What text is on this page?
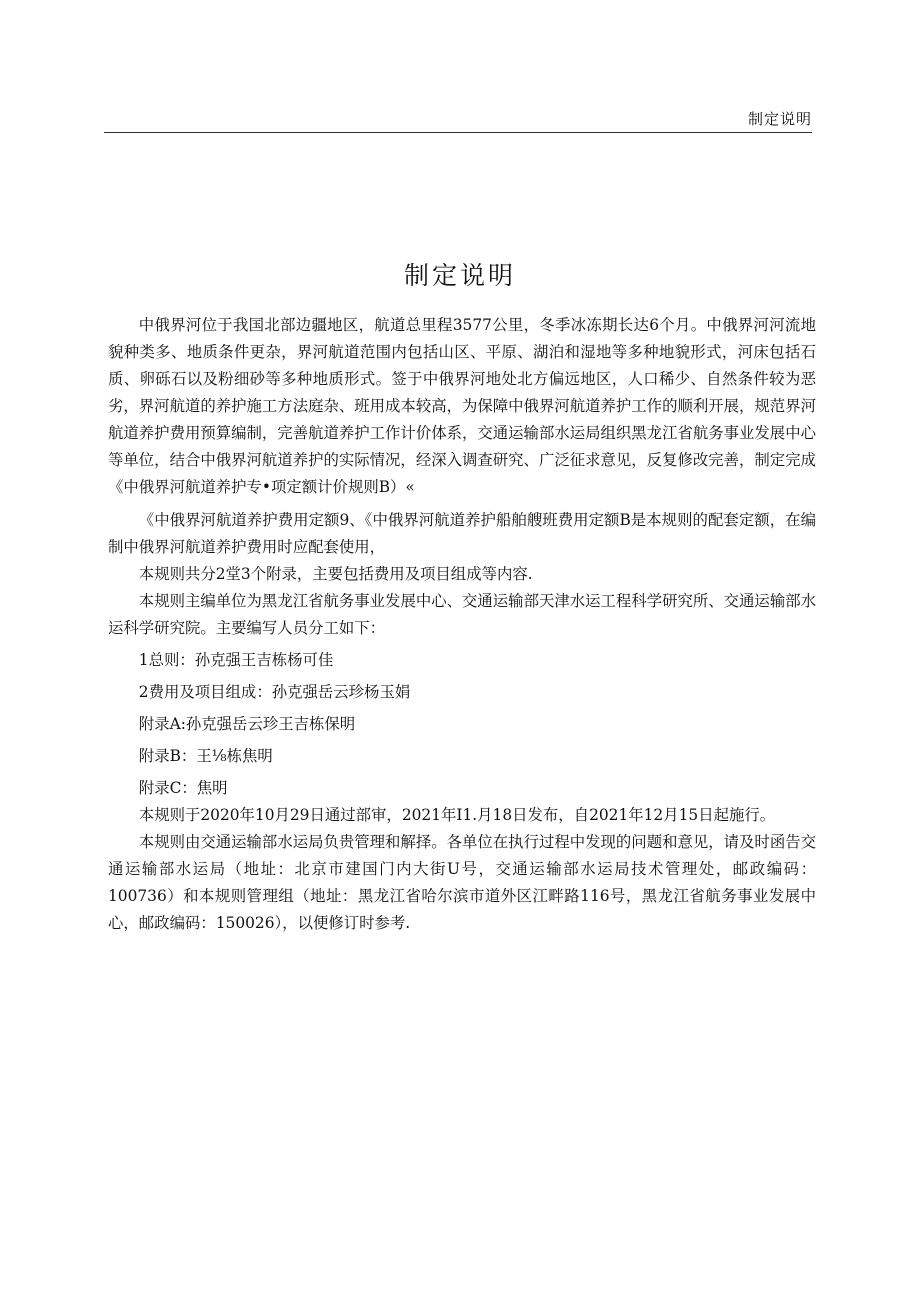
制定说明
制定说明

中俄界河位于我国北部边疆地区，航道总里程3577公里，冬季冰冻期长达6个月。中俄界河河流地貌种类多、地质条件更杂，界河航道范围内包括山区、平原、湖泊和湿地等多种地貌形式，河床包括石质、卵砾石以及粉细砂等多种地质形式。签于中俄界河地处北方偏远地区，人口稀少、自然条件较为恶劣，界河航道的养护施工方法庭杂、班用成本较高，为保障中俄界河航道养护工作的顺利开展，规范界河航道养护费用预算编制，完善航道养护工作计价体系，交通运输部水运局组织黑龙江省航务事业发展中心等单位，结合中俄界河航道养护的实际情况，经深入调查研究、广泛征求意见，反复修改完善，制定完成《中俄界河航道养护专•项定额计价规则B）«

《中俄界河航道养护费用定额9、《中俄界河航道养护船舶艘班费用定额B是本规则的配套定额，在编制中俄界河航道养护费用时应配套使用，

本规则共分2堂3个附录，主要包括费用及项目组成等内容.

本规则主编单位为黑龙江省航务事业发展中心、交通运输部天津水运工程科学研究所、交通运输部水运科学研究院。主要编写人员分工如下：

1总则：孙克强王吉栋杨可佳

2费用及项目组成：孙克强岳云珍杨玉娟

附录A:孙克强岳云珍王吉栋保明

附录B：王⅛栋焦明

附录C：焦明

本规则于2020年10月29日通过部审，2021年I1.月18日发布，自2021年12月15日起施行。

本规则由交通运输部水运局负贵管理和解择。各单位在执行过程中发现的问题和意见，请及时函告交通运输部水运局（地址：北京市建国门内大街U号，交通运输部水运局技术管理处，邮政编码：100736）和本规则管理组（地址：黑龙江省哈尔滨市道外区江畔路116号，黑龙江省航务事业发展中心，邮政编码：150026），以便修订时参考.
